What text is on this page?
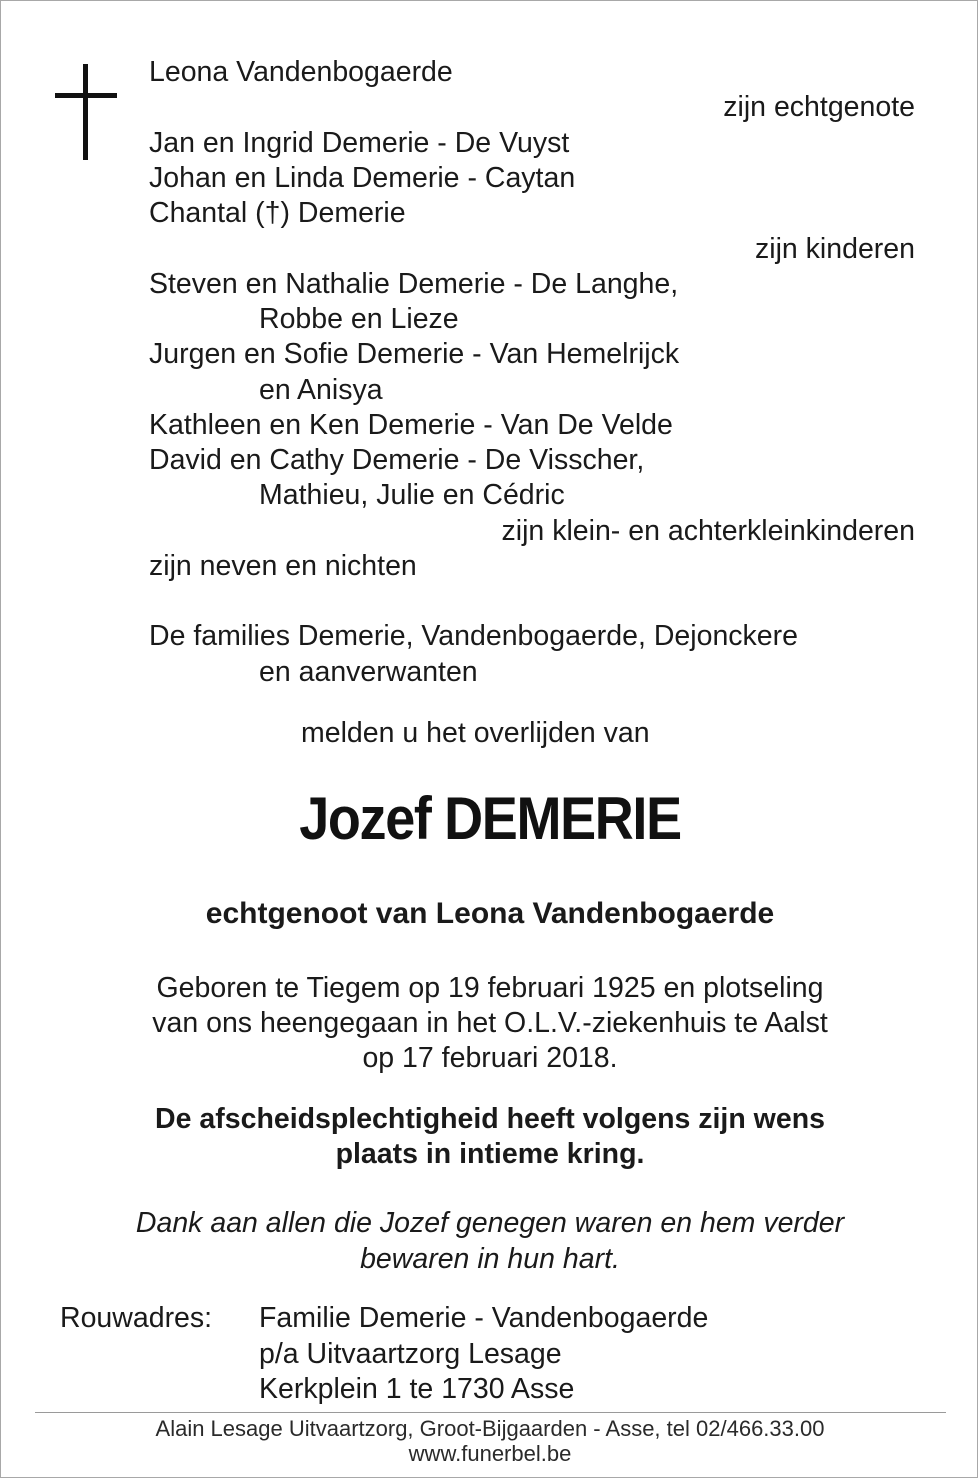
Leona Vandenbogaerde
zijn echtgenote
Jan en Ingrid Demerie - De Vuyst
Johan en Linda Demerie - Caytan
Chantal (†) Demerie
zijn kinderen
Steven en Nathalie Demerie - De Langhe,
Robbe en Lieze
Jurgen en Sofie Demerie - Van Hemelrijck
en Anisya
Kathleen en Ken Demerie - Van De Velde
David en Cathy Demerie - De Visscher,
Mathieu, Julie en Cédric
zijn klein- en achterkleinkinderen
zijn neven en nichten
De families Demerie, Vandenbogaerde, Dejonckere
en aanverwanten
melden u het overlijden van
Jozef DEMERIE
echtgenoot van Leona Vandenbogaerde
Geboren te Tiegem op 19 februari 1925 en plotseling
van ons heengegaan in het O.L.V.-ziekenhuis te Aalst
op 17 februari 2018.
De afscheidsplechtigheid heeft volgens zijn wens
plaats in intieme kring.
Dank aan allen die Jozef genegen waren en hem verder
bewaren in hun hart.
Rouwadres: Familie Demerie - Vandenbogaerde
p/a Uitvaartzorg Lesage
Kerkplein 1 te 1730 Asse
Alain Lesage Uitvaartzorg, Groot-Bijgaarden - Asse, tel 02/466.33.00
www.funerbel.be
